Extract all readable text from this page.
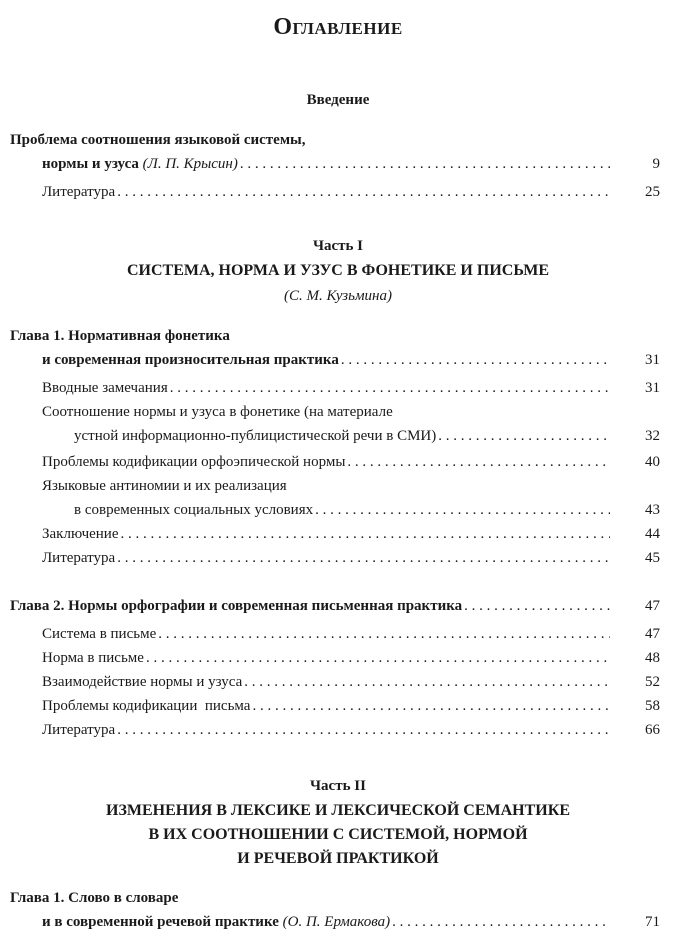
Оглавление
Введение
Проблема соотношения языковой системы,
нормы и узуса (Л. П. Крысин) . . .	9
Литература . . .	25
Часть I
СИСТЕМА, НОРМА И УЗУС В ФОНЕТИКЕ И ПИСЬМЕ
(С. М. Кузьмина)
Глава 1. Нормативная фонетика
и современная произносительная практика . . .	31
Вводные замечания . . .	31
Соотношение нормы и узуса в фонетике (на материале
устной информационно-публицистической речи в СМИ) . . .	32
Проблемы кодификации орфоэпической нормы . . .	40
Языковые антиномии и их реализация
в современных социальных условиях . . .	43
Заключение . . .	44
Литература . . .	45
Глава 2. Нормы орфографии и современная письменная практика . . .	47
Система в письме . . .	47
Норма в письме . . .	48
Взаимодействие нормы и узуса . . .	52
Проблемы кодификации  письма . . .	58
Литература . . .	66
Часть II
ИЗМЕНЕНИЯ В ЛЕКСИКЕ И ЛЕКСИЧЕСКОЙ СЕМАНТИКЕ
В ИХ СООТНОШЕНИИ С СИСТЕМОЙ, НОРМОЙ
И РЕЧЕВОЙ ПРАКТИКОЙ
Глава 1. Слово в словаре
и в современной речевой практике (О. П. Ермакова) . . .	71
